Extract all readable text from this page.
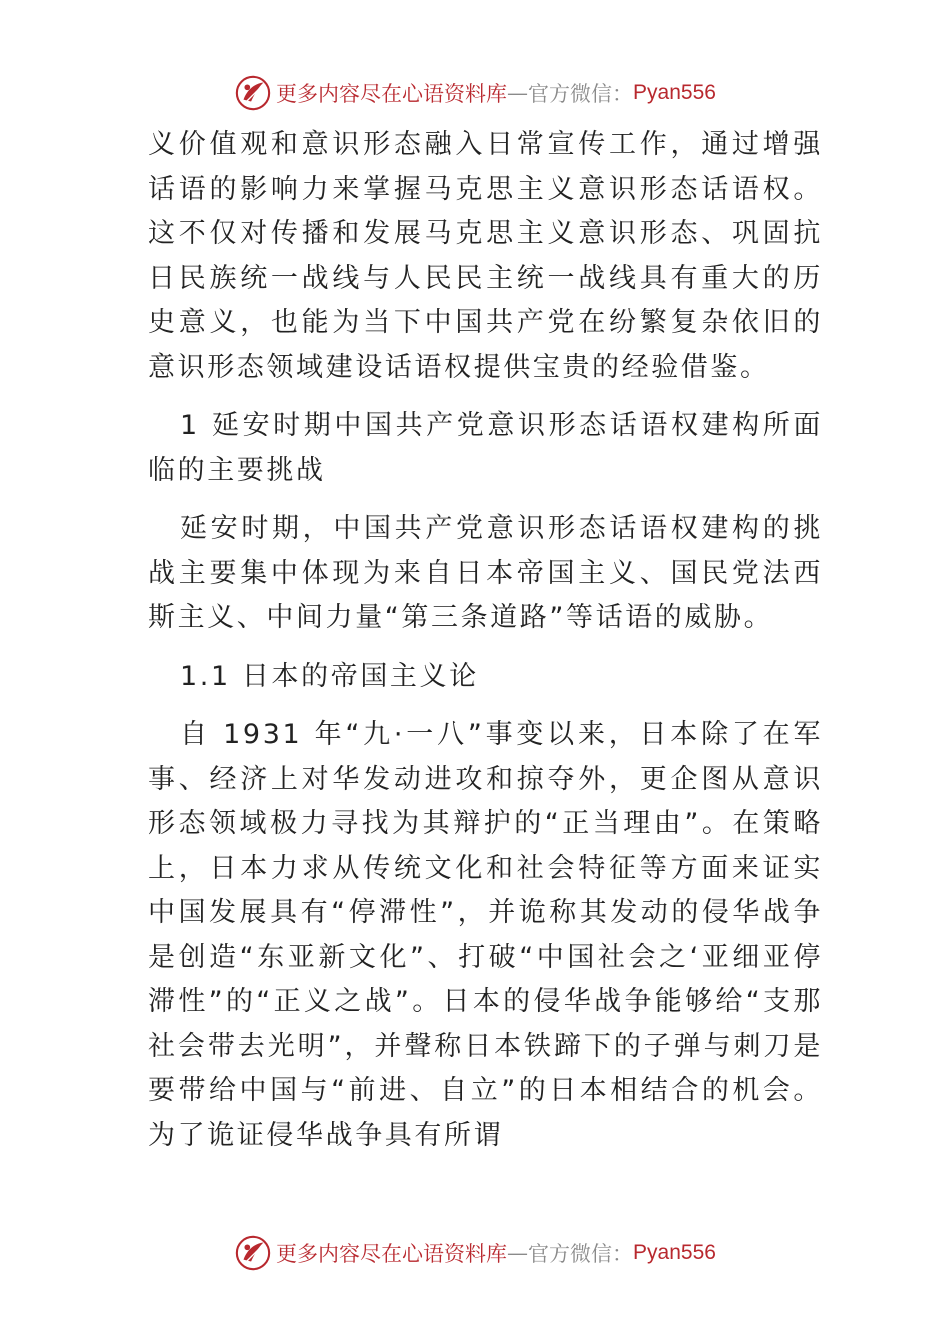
更多内容尽在心语资料库 — 官方微信： Pyan556

义价值观和意识形态融入日常宣传工作，通过增强话语的影响力来掌握马克思主义意识形态话语权。这不仅对传播和发展马克思主义意识形态、巩固抗日民族统一战线与人民民主统一战线具有重大的历史意义，也能为当下中国共产党在纷繁复杂依旧的意识形态领域建设话语权提供宝贵的经验借鉴。

1 延安时期中国共产党意识形态话语权建构所面临的主要挑战

延安时期，中国共产党意识形态话语权建构的挑战主要集中体现为来自日本帝国主义、国民党法西斯主义、中间力量“第三条道路”等话语的威胁。

1.1 日本的帝国主义论

自 1931 年“九·一八”事变以来，日本除了在军事、经济上对华发动进攻和掠夺外，更企图从意识形态领域极力寻找为其辩护的“正当理由”。在策略上，日本力求从传统文化和社会特征等方面来证实中国发展具有“停滞性”，并诡称其发动的侵华战争是创造“东亚新文化”、打破“中国社会之‘亚细亚停滞性”的“正义之战”。日本的侵华战争能够给“支那社会带去光明”，并聲称日本铁蹄下的子弹与刺刀是要带给中国与“前进、自立”的日本相结合的机会。为了诡证侵华战争具有所谓

更多内容尽在心语资料库 — 官方微信： Pyan556
